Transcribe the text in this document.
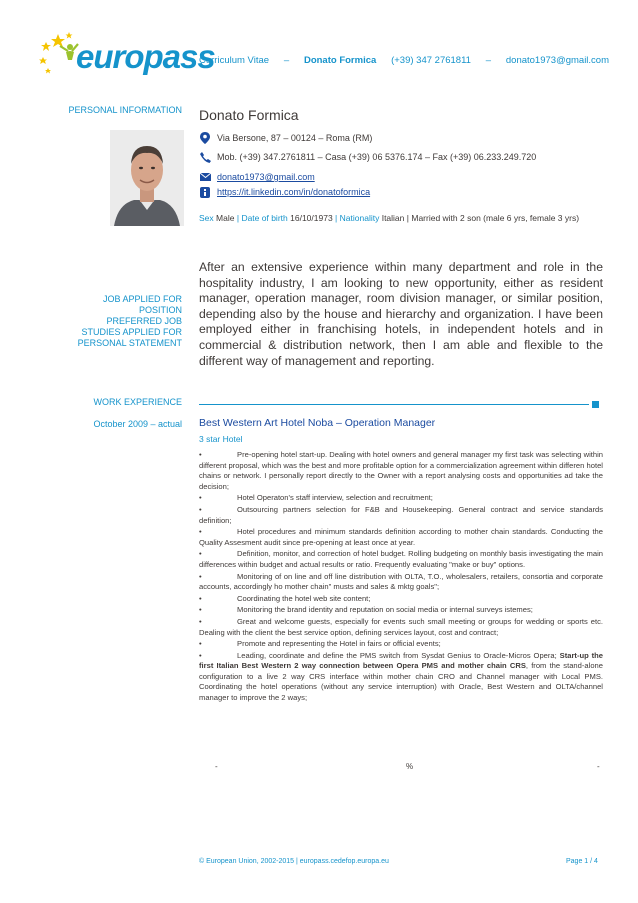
europass
Curriculum Vitae – Donato Formica (+39) 347 2761811 – donato1973@gmail.com
PERSONAL INFORMATION
JOB APPLIED FOR
POSITION
PREFERRED JOB
STUDIES APPLIED FOR
PERSONAL STATEMENT
WORK EXPERIENCE
October 2009 – actual
Donato Formica
Via Bersone, 87 – 00124 – Roma (RM)
Mob. (+39) 347.2761811 – Casa (+39) 06 5376.174 – Fax (+39) 06.233.249.720
donato1973@gmail.com
https://it.linkedin.com/in/donatoformica
Sex Male | Date of birth 16/10/1973 | Nationality Italian | Married with 2 son (male 6 yrs, female 3 yrs)
After an extensive experience within many department and role in the hospitality industry, I am looking to new opportunity, either as resident manager, operation manager, room division manager, or similar position, depending also by the house and hierarchy and organization. I have been employed either in franchising hotels, in independent hotels and in commercial & distribution network, then I am able and flexible to the different way of management and reporting.
Best Western Art Hotel Noba – Operation Manager
3 star Hotel

•	Pre-opening hotel start-up. Dealing with hotel owners and general manager my first task was selecting within different proposal, which was the best and more profitable option for a commercialization agreement within differen hotel chains or network. I personally report directly to the Owner with a report analysing costs and opportunities ad take the decision;

•	Hotel Operaton's staff interview, selection and recruitment;

•	Outsourcing partners selection for F&B and Housekeeping. General contract and service standards definition;

•	Hotel procedures and minimum standards definition according to mother chain standards. Conducting the Quality Assesment audit since pre-opening at least once at year.

•	Definition, monitor, and correction of hotel budget. Rolling budgeting on monthly basis investigating the main differences within budget and actual results or ratio. Frequently evaluating "make or buy" options.

•	Monitoring of on line and off line distribution with OLTA, T.O., wholesalers, retailers, consortia and corporate accounts, accordingly ho mother chain" musts and sales & mktg goals";

•	Coordinating the hotel web site content;

•	Monitoring the brand identity and reputation on social media or internal surveys istemes;

•	Great and welcome guests, especially for events such small meeting or groups for wedding or sports etc. Dealing with the client the best service option, defining services layout, cost and contract;

•	Promote and representing the Hotel in fairs or official events;

•	Leading, coordinate and define the PMS switch from Sysdat Genius to Oracle-Micros Opera; Start-up the first Italian Best Western 2 way connection between Opera PMS and mother chain CRS, from the stand-alone configuration to a live 2 way CRS interface within mother chain CRO and Channel manager with Local PMS. Coordinating the hotel operations (without any service interruption) with Oracle, Best Western and OLTA/channel manager to improve the 2 ways;

-	%	-
© European Union, 2002-2015 | europass.cedefop.europa.eu	Page 1 / 4
